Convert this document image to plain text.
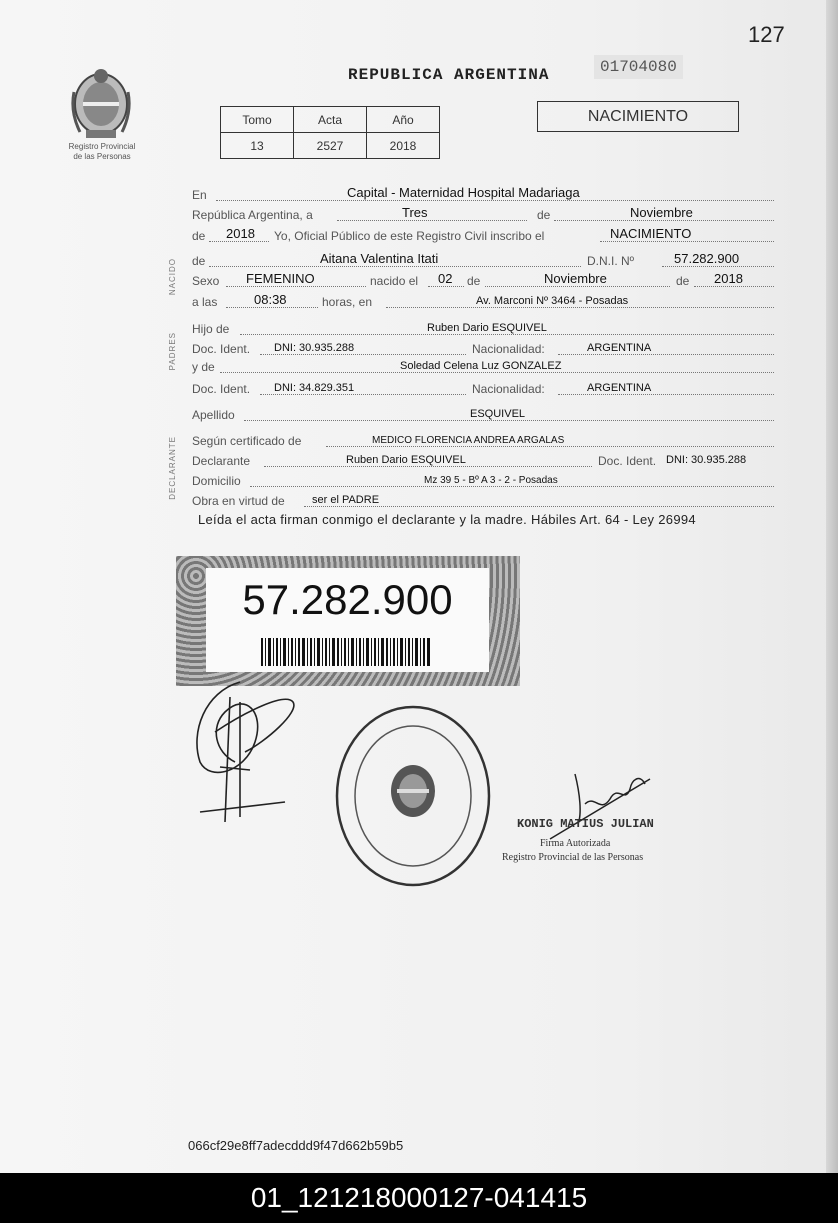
127
Registro Provincial
de las Personas
REPUBLICA ARGENTINA	01704080
Tomo	Acta	Año
13	2527	2018
NACIMIENTO
NACIDO
PADRES
DECLARANTE
En	Capital - Maternidad Hospital Madariaga
República Argentina, a	Tres	de	Noviembre
de 2018 Yo, Oficial Público de este Registro Civil inscribo el	NACIMIENTO
de	Aitana Valentina Itati	D.N.I. Nº	57.282.900
Sexo FEMENINO	nacido el 02 de	Noviembre	de 2018
a las	08:38	horas, en	Av. Marconi Nº 3464 - Posadas
Hijo de	Ruben Dario ESQUIVEL
Doc. Ident. DNI: 30.935.288	Nacionalidad:	ARGENTINA
y de	Soledad Celena Luz GONZALEZ
Doc. Ident. DNI: 34.829.351	Nacionalidad:	ARGENTINA
Apellido	ESQUIVEL
Según certificado de	MEDICO FLORENCIA ANDREA ARGALAS
Declarante	Ruben Dario ESQUIVEL	Doc. Ident. DNI: 30.935.288
Domicilio	Mz 39 5 - Bº A 3 - 2 - Posadas
Obra en virtud de ser el PADRE
Leída el acta firman conmigo el declarante y la madre. Hábiles Art. 64 - Ley 26994
57.282.900
KONIG MATIUS JULIAN
Firma Autorizada
Registro Provincial de las Personas
066cf29e8ff7adecddd9f47d662b59b5
01_121218000127-041415
